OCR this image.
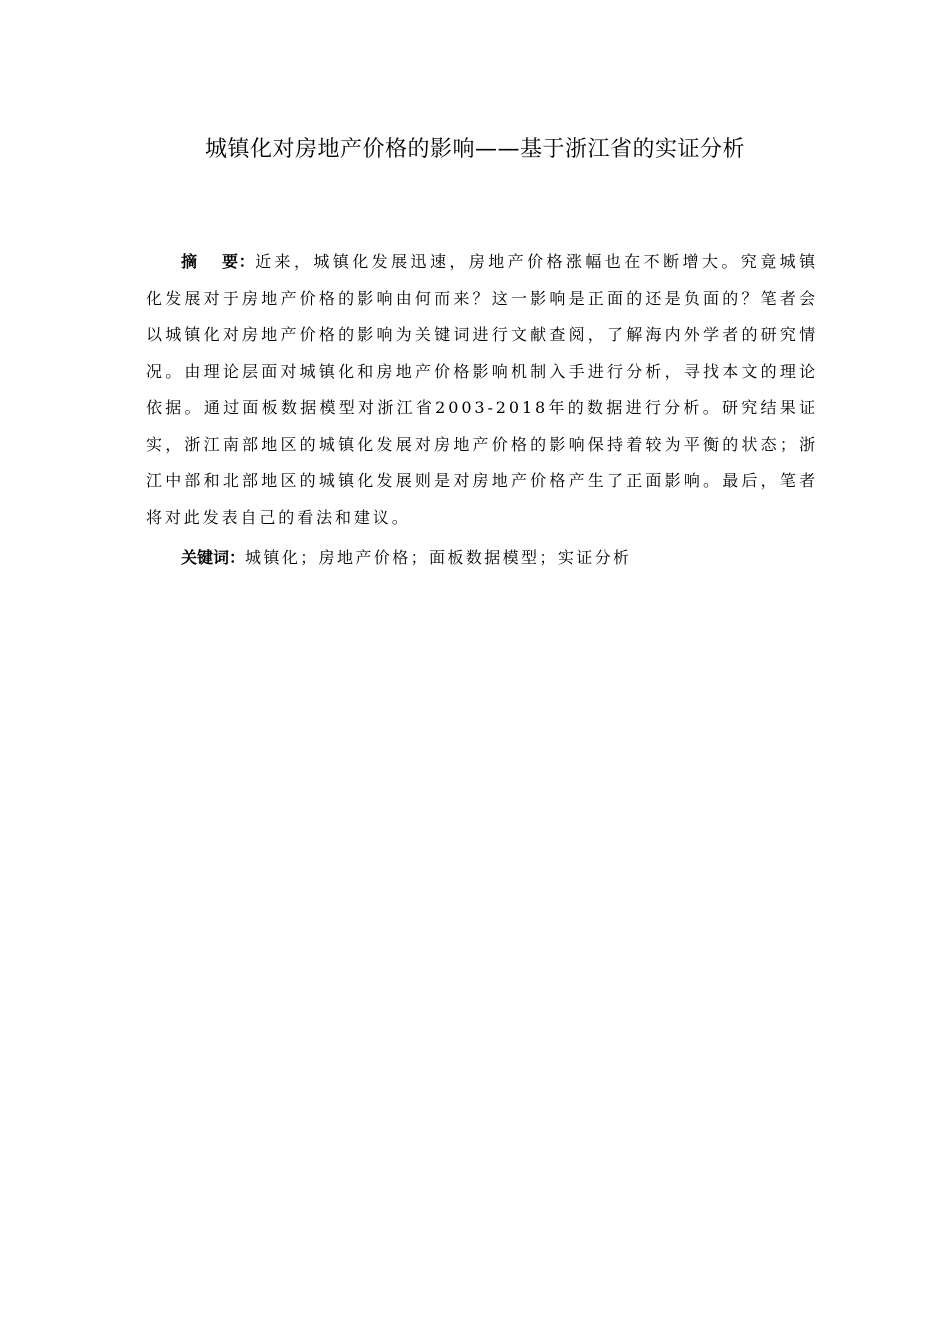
城镇化对房地产价格的影响——基于浙江省的实证分析

摘 要：近来，城镇化发展迅速，房地产价格涨幅也在不断增大。究竟城镇化发展对于房地产价格的影响由何而来？这一影响是正面的还是负面的？笔者会以城镇化对房地产价格的影响为关键词进行文献查阅，了解海内外学者的研究情况。由理论层面对城镇化和房地产价格影响机制入手进行分析，寻找本文的理论依据。通过面板数据模型对浙江省2003-2018年的数据进行分析。研究结果证实，浙江南部地区的城镇化发展对房地产价格的影响保持着较为平衡的状态；浙江中部和北部地区的城镇化发展则是对房地产价格产生了正面影响。最后，笔者将对此发表自己的看法和建议。

关键词：城镇化；房地产价格；面板数据模型；实证分析
